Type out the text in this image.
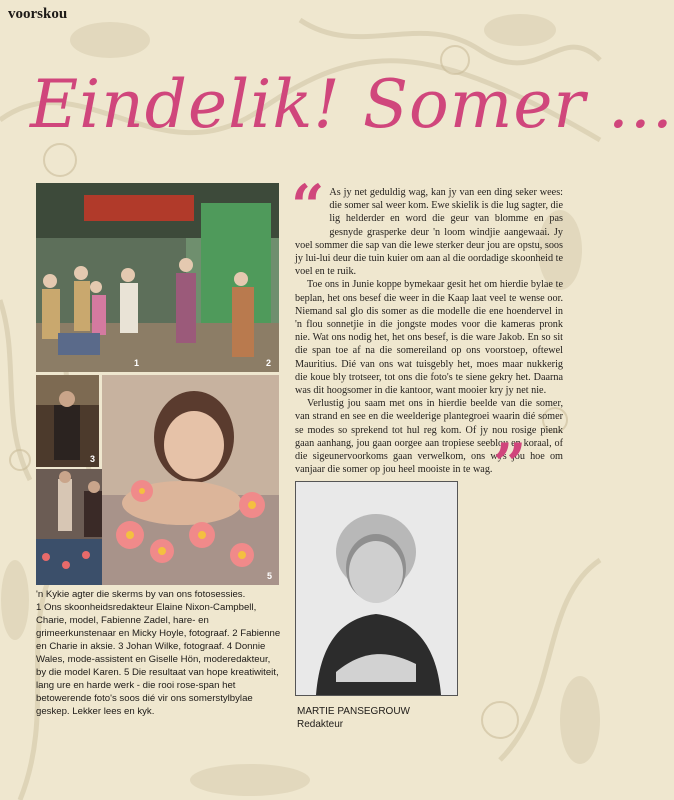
voorskou
Eindelik! Somer ...
1	2
3
5

'n Kykie agter die skerms by van ons fotosessies.

1 Ons skoonheidsredakteur Elaine Nixon-Campbell, Charie, model, Fabienne Zadel, hare- en grimeerkunstenaar en Micky Hoyle, fotograaf. 2 Fabienne en Charie in aksie. 3 Johan Wilke, fotograaf. 4 Donnie Wales, mode-assistent en Giselle Hön, moderedakteur, by die model Karen. 5 Die resultaat van hope kreatiwiteit, lang ure en harde werk - die rooi rose-span het betowerende foto's soos dié vir ons somerstylbylae geskep. Lekker lees en kyk.

“ As jy net geduldig wag, kan jy van een ding seker wees: die somer sal weer kom. Ewe skielik is die lug sagter, die lig helderder en word die geur van blomme en pas gesnyde grasperke deur 'n loom windjie aangewaai. Jy voel sommer die sap van die lewe sterker deur jou are opstu, soos jy lui-lui deur die tuin kuier om aan al die oordadige skoonheid te voel en te ruik.

Toe ons in Junie koppe bymekaar gesit het om hierdie bylae te beplan, het ons besef die weer in die Kaap laat veel te wense oor. Niemand sal glo dis somer as die modelle die ene hoendervel in 'n flou sonnetjie in die jongste modes voor die kameras pronk nie. Wat ons nodig het, het ons besef, is die ware Jakob. En so sit die span toe af na die somereiland op ons voorstoep, oftewel Mauritius. Dié van ons wat tuisgebly het, moes maar nukkerig die koue bly trotseer, tot ons die foto's te siene gekry het. Daarna was dit hoogsomer in die kantoor, want mooier kry jy net nie.

Verlustig jou saam met ons in hierdie beelde van die somer, van strand en see en die weelderige plantegroei waarin dié somer se modes so sprekend tot hul reg kom. Of jy nou rosige pienk gaan aanhang, jou gaan oorgee aan tropiese seeblou en koraal, of die sigeunervoorkoms gaan verwelkom, ons wys jou hoe om vanjaar die somer op jou heel mooiste in te wag. ”
MARTIE PANSEGROUW
Redakteur
